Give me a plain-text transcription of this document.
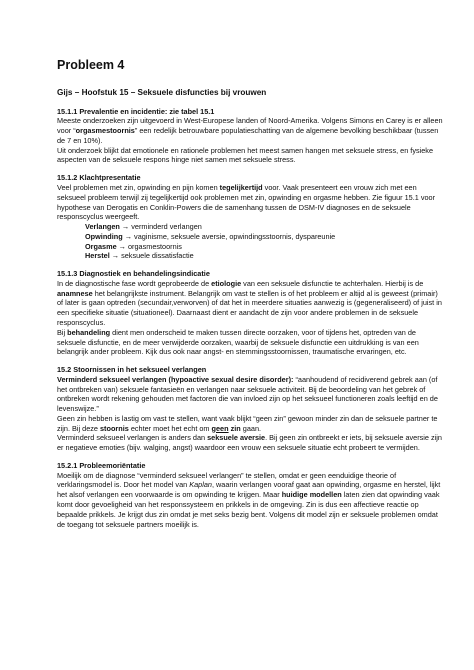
Probleem 4
Gijs – Hoofstuk 15 – Seksuele disfuncties bij vrouwen
15.1.1 Prevalentie en incidentie: zie tabel 15.1

Meeste onderzoeken zijn uitgevoerd in West-Europese landen of Noord-Amerika. Volgens Simons en Carey is er alleen voor “orgasmestoornis” een redelijk betrouwbare populatieschatting van de algemene bevolking beschikbaar (tussen de 7 en 10%).

Uit onderzoek blijkt dat emotionele en rationele problemen het meest samen hangen met seksuele stress, en fysieke aspecten van de seksuele respons hinge niet samen met seksuele stress.

15.1.2 Klachtpresentatie

Veel problemen met zin, opwinding en pijn komen tegelijkertijd voor. Vaak presenteert een vrouw zich met een seksueel probleem terwijl zij tegelijkertijd ook problemen met zin, opwinding en orgasme hebben. Zie figuur 15.1 voor hypothese van Derogatis en Conklin-Powers die de samenhang tussen de DSM-IV diagnoses en de seksuele responscyclus weergeeft.

Verlangen → verminderd verlangen

Opwinding → vaginisme, seksuele aversie, opwindingsstoornis, dyspareunie

Orgasme → orgasmestoornis

Herstel → seksuele dissatisfactie

15.1.3 Diagnostiek en behandelingsindicatie

In de diagnostische fase wordt geprobeerde de etiologie van een seksuele disfunctie te achterhalen. Hierbij is de anamnese het belangrijkste instrument. Belangrijk om vast te stellen is of het probleem er altijd al is geweest (primair) of later is gaan optreden (secundair,verworven) of dat het in meerdere situaties aanwezig is (gegeneraliseerd) of juist in een specifieke situatie (situationeel). Daarnaast dient er aandacht de zijn voor andere problemen in de seksuele responscyclus.

Bij behandeling dient men onderscheid te maken tussen directe oorzaken, voor of tijdens het, optreden van de seksuele disfunctie, en de meer verwijderde oorzaken, waarbij de seksuele disfunctie een uitdrukking is van een belangrijk ander probleem. Kijk dus ook naar angst- en stemmingsstoornissen, traumatische ervaringen, etc.

15.2 Stoornissen in het seksueel verlangen

Verminderd seksueel verlangen (hypoactive sexual desire disorder): “aanhoudend of recidiverend gebrek aan (of het ontbreken van) seksuele fantasieën en verlangen naar seksuele activiteit. Bij de beoordeling van het gebrek of ontbreken wordt rekening gehouden met factoren die van invloed zijn op het seksueel functioneren zoals leeftijd en de levenswijze.”

Geen zin hebben is lastig om vast te stellen, want vaak blijkt “geen zin” gewoon minder zin dan de seksuele partner te zijn. Bij deze stoornis echter moet het echt om geen zin gaan.

Verminderd seksueel verlangen is anders dan seksuele aversie. Bij geen zin ontbreekt er iets, bij seksuele aversie zijn er negatieve emoties (bijv. walging, angst) waardoor een vrouw een seksuele situatie echt probeert te vermijden.

15.2.1 Probleemoriëntatie

Moeilijk om de diagnose “verminderd seksueel verlangen” te stellen, omdat er geen eenduidige theorie of verklaringsmodel is. Door het model van Kaplan, waarin verlangen vooraf gaat aan opwinding, orgasme en herstel, lijkt het alsof verlangen een voorwaarde is om opwinding te krijgen. Maar huidige modellen laten zien dat opwinding vaak komt door gevoeligheid van het responssysteem en prikkels in de omgeving. Zin is dus een affectieve reactie op bepaalde prikkels. Je krijgt dus zin omdat je met seks bezig bent. Volgens dit model zijn er seksuele problemen omdat de toegang tot seksuele partners moeilijk is.
